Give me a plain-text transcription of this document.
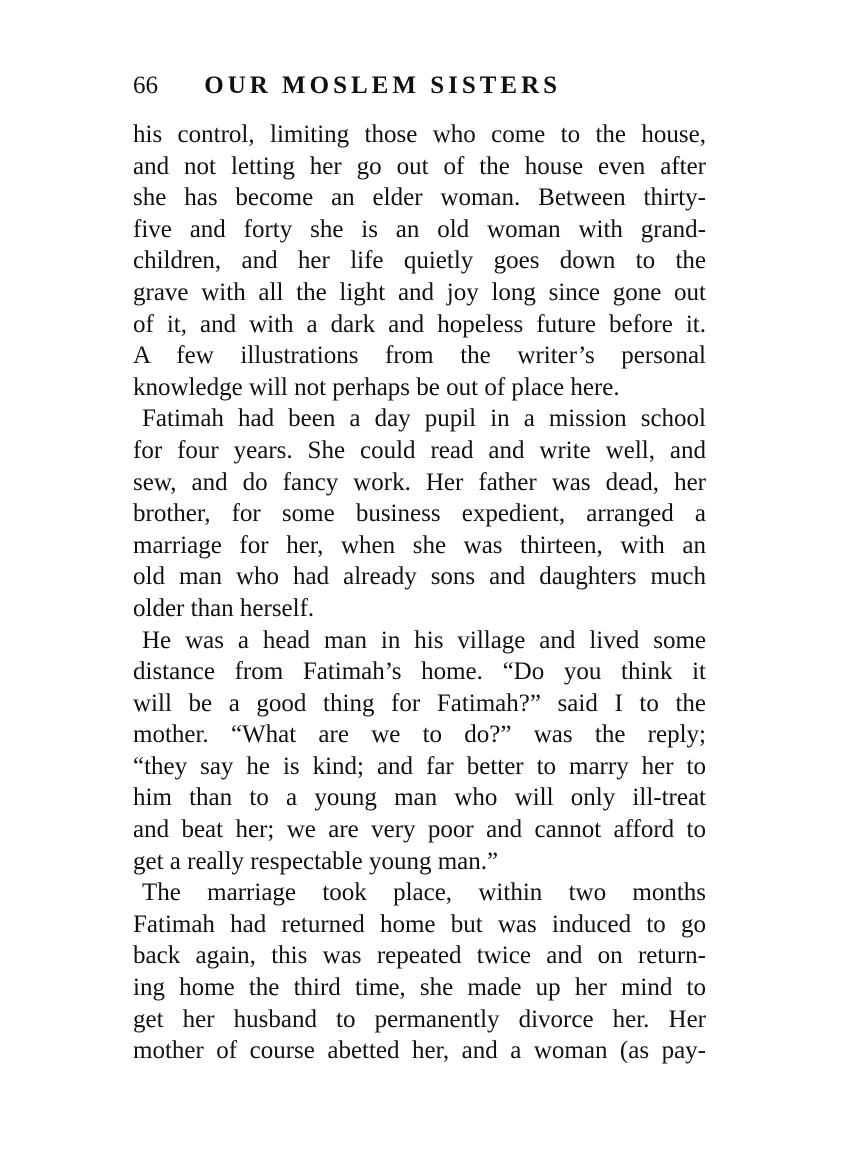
66 OUR MOSLEM SISTERS
his control, limiting those who come to the house,
and not letting her go out of the house even after
she has become an elder woman. Between thirty-
five and forty she is an old woman with grand-
children, and her life quietly goes down to the
grave with all the light and joy long since gone out
of it, and with a dark and hopeless future before it.
A few illustrations from the writer’s personal
knowledge will not perhaps be out of place here.
Fatimah had been a day pupil in a mission school
for four years. She could read and write well, and
sew, and do fancy work. Her father was dead, her
brother, for some business expedient, arranged a
marriage for her, when she was thirteen, with an
old man who had already sons and daughters much
older than herself.
He was a head man in his village and lived some
distance from Fatimah’s home. “Do you think it
will be a good thing for Fatimah?” said I to the
mother. “What are we to do?” was the reply;
“they say he is kind; and far better to marry her to
him than to a young man who will only ill-treat
and beat her; we are very poor and cannot afford to
get a really respectable young man.”
The marriage took place, within two months
Fatimah had returned home but was induced to go
back again, this was repeated twice and on return-
ing home the third time, she made up her mind to
get her husband to permanently divorce her. Her
mother of course abetted her, and a woman (as pay-
